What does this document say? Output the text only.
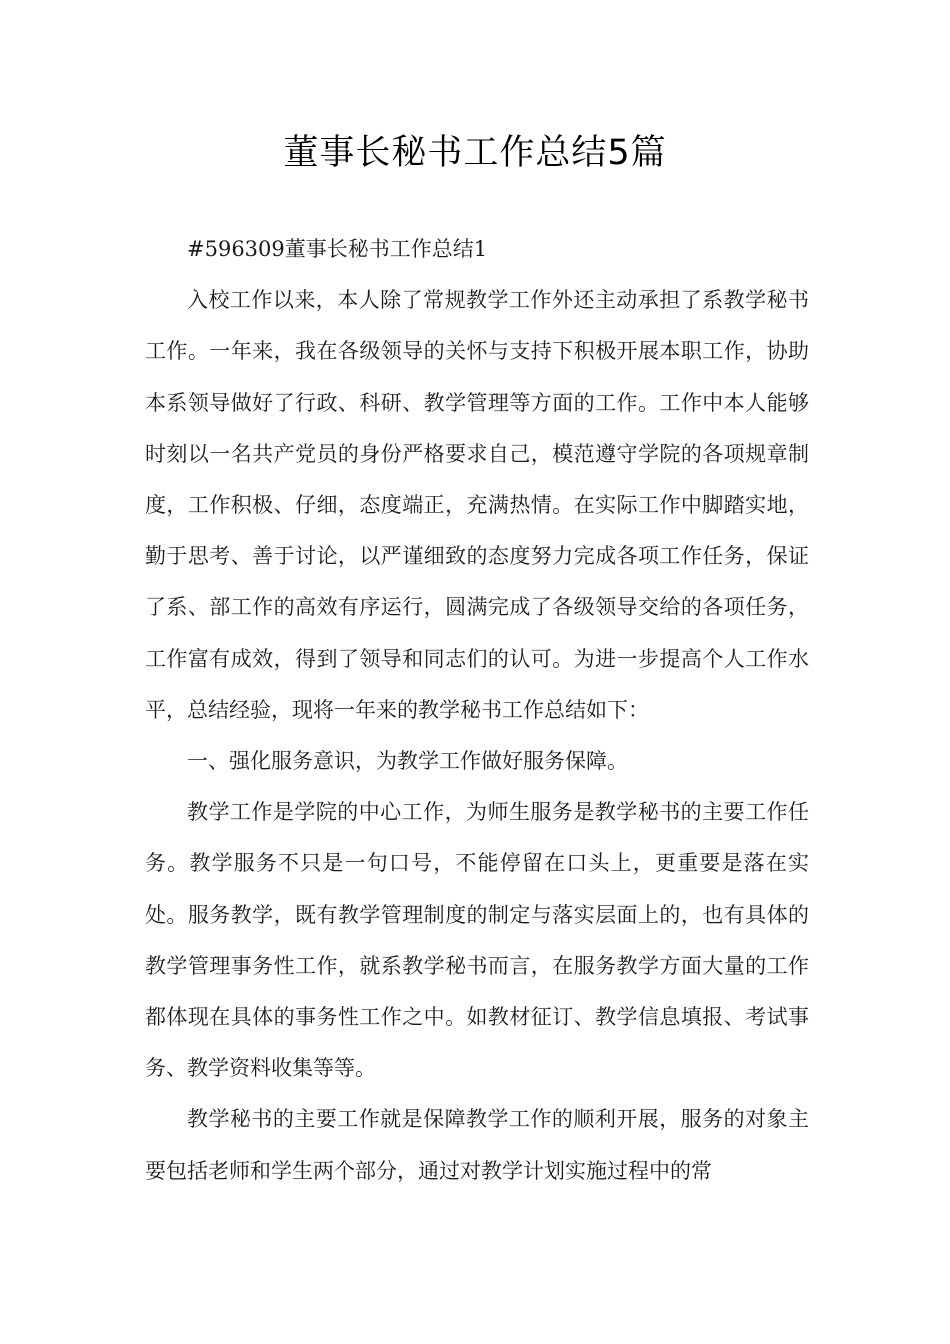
董事长秘书工作总结5篇

#596309董事长秘书工作总结1

入校工作以来，本人除了常规教学工作外还主动承担了系教学秘书工作。一年来，我在各级领导的关怀与支持下积极开展本职工作，协助本系领导做好了行政、科研、教学管理等方面的工作。工作中本人能够时刻以一名共产党员的身份严格要求自己，模范遵守学院的各项规章制度，工作积极、仔细，态度端正，充满热情。在实际工作中脚踏实地，勤于思考、善于讨论，以严谨细致的态度努力完成各项工作任务，保证了系、部工作的高效有序运行，圆满完成了各级领导交给的各项任务，工作富有成效，得到了领导和同志们的认可。为进一步提高个人工作水平，总结经验，现将一年来的教学秘书工作总结如下：

一、强化服务意识，为教学工作做好服务保障。

教学工作是学院的中心工作，为师生服务是教学秘书的主要工作任务。教学服务不只是一句口号，不能停留在口头上，更重要是落在实处。服务教学，既有教学管理制度的制定与落实层面上的，也有具体的教学管理事务性工作，就系教学秘书而言，在服务教学方面大量的工作都体现在具体的事务性工作之中。如教材征订、教学信息填报、考试事务、教学资料收集等等。

教学秘书的主要工作就是保障教学工作的顺利开展，服务的对象主要包括老师和学生两个部分，通过对教学计划实施过程中的常
